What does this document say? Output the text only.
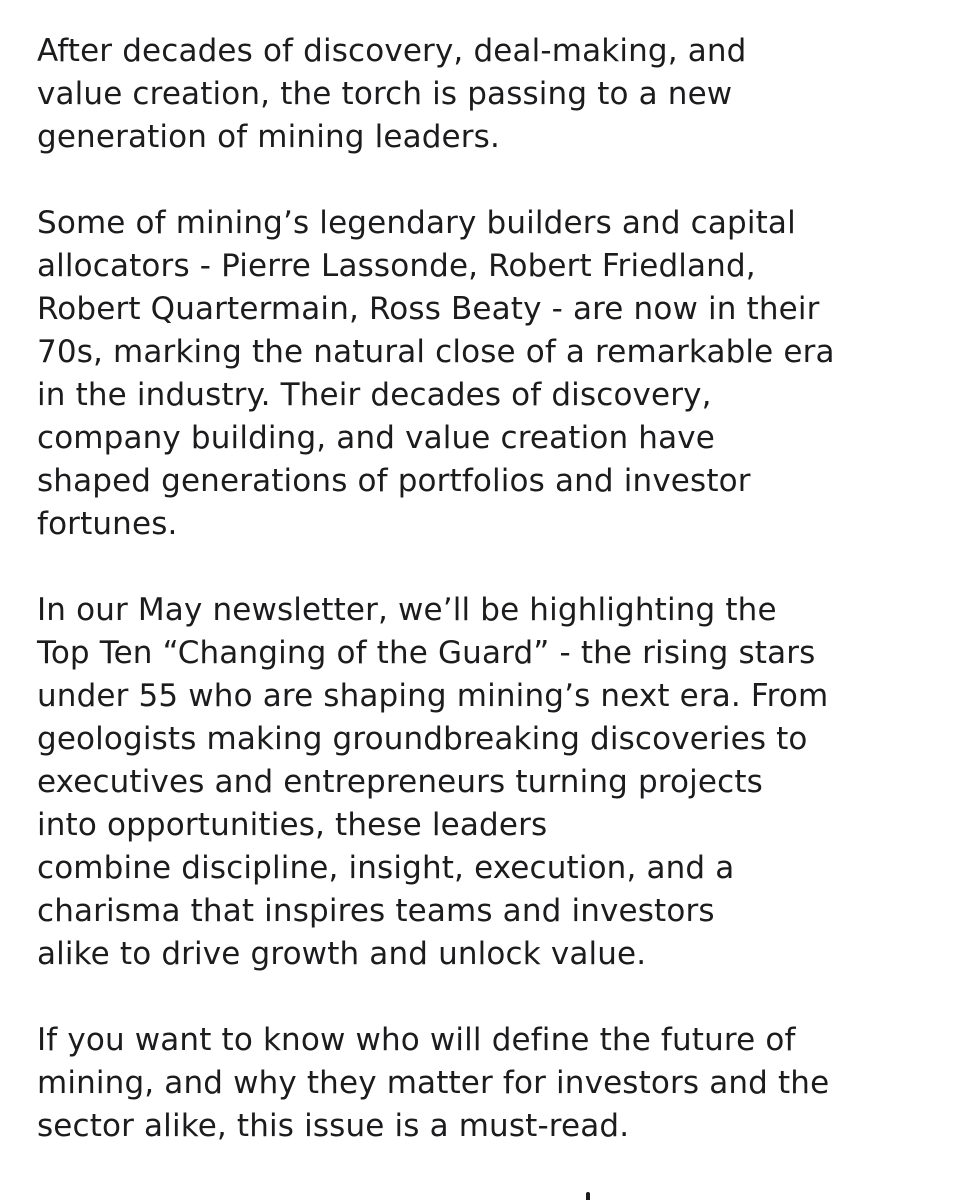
After decades of discovery, deal-making, and
value creation, the torch is passing to a new
generation of mining leaders.

Some of mining’s legendary builders and capital
allocators - Pierre Lassonde, Robert Friedland,
Robert Quartermain, Ross Beaty - are now in their
70s, marking the natural close of a remarkable era
in the industry. Their decades of discovery,
company building, and value creation have
shaped generations of portfolios and investor
fortunes.

In our May newsletter, we’ll be highlighting the
Top Ten “Changing of the Guard” - the rising stars
under 55 who are shaping mining’s next era. From
geologists making groundbreaking discoveries to
executives and entrepreneurs turning projects
into opportunities, these leaders
combine discipline, insight, execution, and a
charisma that inspires teams and investors
alike to drive growth and unlock value.

If you want to know who will define the future of
mining, and why they matter for investors and the
sector alike, this issue is a must-read.
